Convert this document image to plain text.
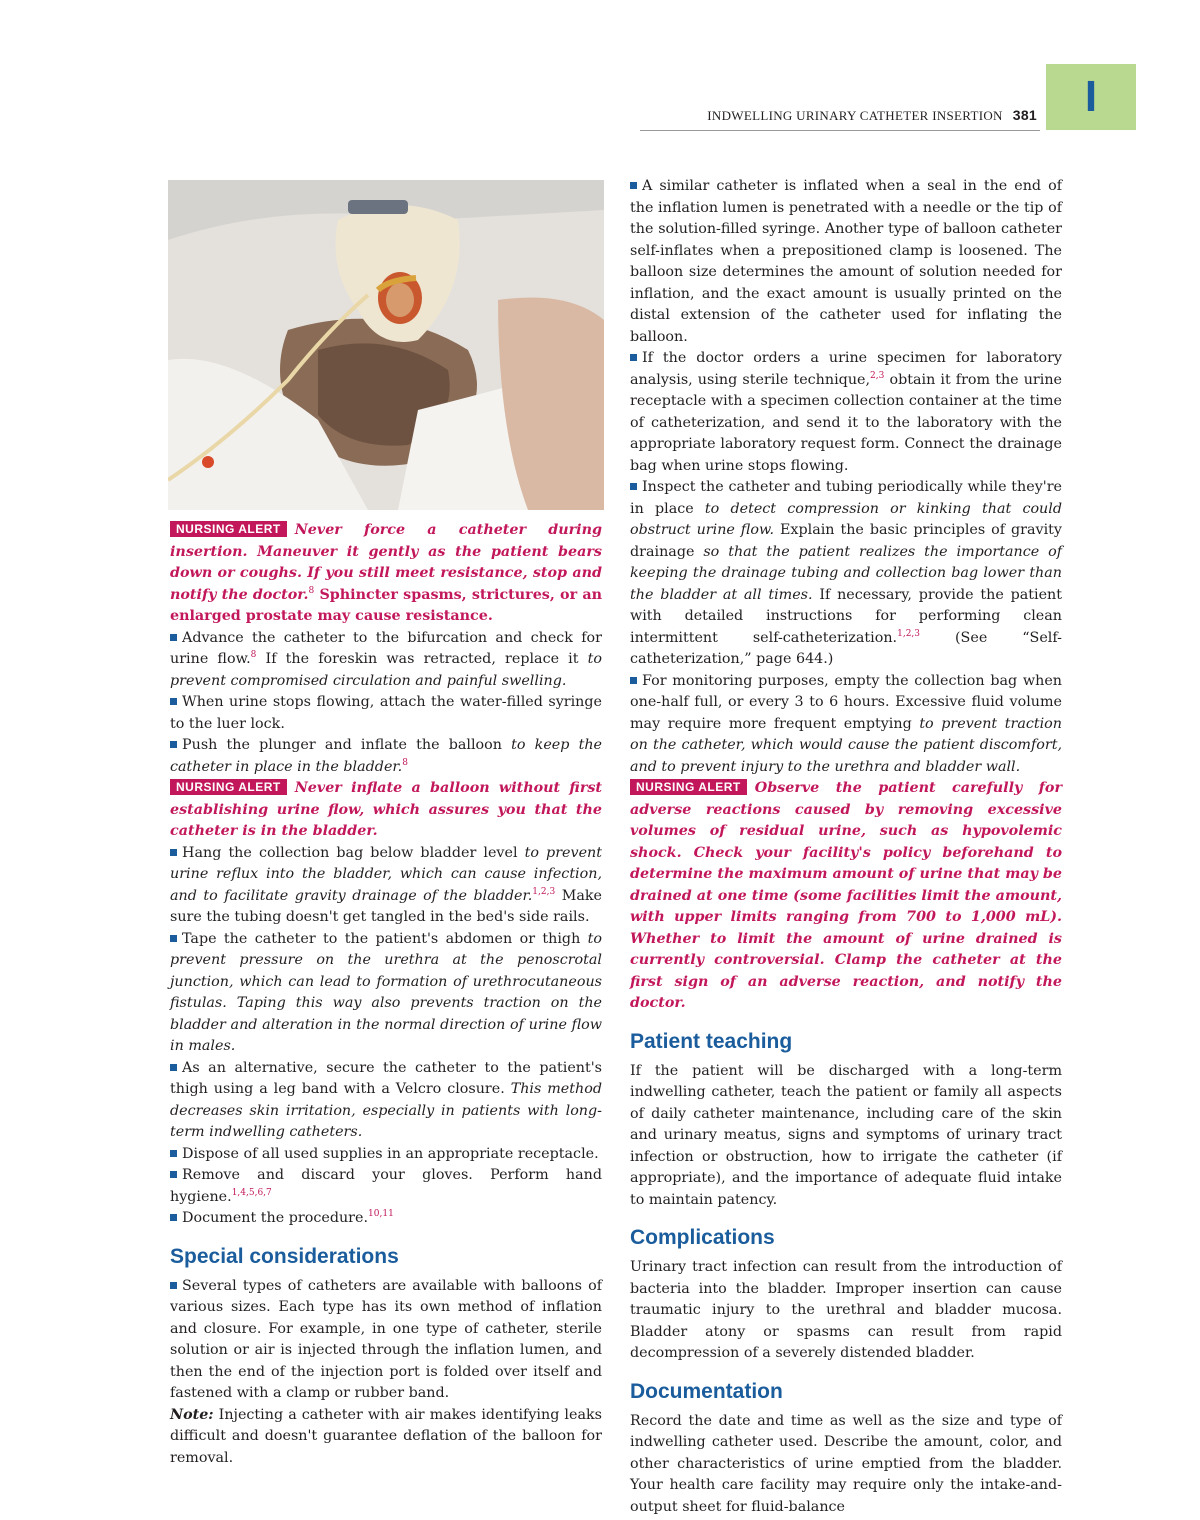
I
INDWELLING URINARY CATHETER INSERTION 381

NURSING ALERT Never force a catheter during insertion. Maneuver it gently as the patient bears down or coughs. If you still meet resistance, stop and notify the doctor.$^8$ Sphincter spasms, strictures, or an enlarged prostate may cause resistance.

Advance the catheter to the bifurcation and check for urine flow.$^8$ If the foreskin was retracted, replace it to prevent compromised circulation and painful swelling.

When urine stops flowing, attach the water-filled syringe to the luer lock.

Push the plunger and inflate the balloon to keep the catheter in place in the bladder.$^8$

NURSING ALERT Never inflate a balloon without first establishing urine flow, which assures you that the catheter is in the bladder.

Hang the collection bag below bladder level to prevent urine reflux into the bladder, which can cause infection, and to facilitate gravity drainage of the bladder.$^{1,2,3}$ Make sure the tubing doesn't get tangled in the bed's side rails.

Tape the catheter to the patient's abdomen or thigh to prevent pressure on the urethra at the penoscrotal junction, which can lead to formation of urethrocutaneous fistulas. Taping this way also prevents traction on the bladder and alteration in the normal direction of urine flow in males.

As an alternative, secure the catheter to the patient's thigh using a leg band with a Velcro closure. This method decreases skin irritation, especially in patients with long-term indwelling catheters.

Dispose of all used supplies in an appropriate receptacle.

Remove and discard your gloves. Perform hand hygiene.$^{1,4,5,6,7}$

Document the procedure.$^{10,11}$

Special considerations

Several types of catheters are available with balloons of various sizes. Each type has its own method of inflation and closure. For example, in one type of catheter, sterile solution or air is injected through the inflation lumen, and then the end of the injection port is folded over itself and fastened with a clamp or rubber band.

Note: Injecting a catheter with air makes identifying leaks difficult and doesn't guarantee deflation of the balloon for removal.

A similar catheter is inflated when a seal in the end of the inflation lumen is penetrated with a needle or the tip of the solution-filled syringe. Another type of balloon catheter self-inflates when a prepositioned clamp is loosened. The balloon size determines the amount of solution needed for inflation, and the exact amount is usually printed on the distal extension of the catheter used for inflating the balloon.

If the doctor orders a urine specimen for laboratory analysis, using sterile technique,$^{2,3}$ obtain it from the urine receptacle with a specimen collection container at the time of catheterization, and send it to the laboratory with the appropriate laboratory request form. Connect the drainage bag when urine stops flowing.

Inspect the catheter and tubing periodically while they're in place to detect compression or kinking that could obstruct urine flow. Explain the basic principles of gravity drainage so that the patient realizes the importance of keeping the drainage tubing and collection bag lower than the bladder at all times. If necessary, provide the patient with detailed instructions for performing clean intermittent self-catheterization.$^{1,2,3}$ (See “Self-catheterization,” page 644.)

For monitoring purposes, empty the collection bag when one-half full, or every 3 to 6 hours. Excessive fluid volume may require more frequent emptying to prevent traction on the catheter, which would cause the patient discomfort, and to prevent injury to the urethra and bladder wall.

NURSING ALERT Observe the patient carefully for adverse reactions caused by removing excessive volumes of residual urine, such as hypovolemic shock. Check your facility's policy beforehand to determine the maximum amount of urine that may be drained at one time (some facilities limit the amount, with upper limits ranging from 700 to 1,000 mL). Whether to limit the amount of urine drained is currently controversial. Clamp the catheter at the first sign of an adverse reaction, and notify the doctor.

Patient teaching

If the patient will be discharged with a long-term indwelling catheter, teach the patient or family all aspects of daily catheter maintenance, including care of the skin and urinary meatus, signs and symptoms of urinary tract infection or obstruction, how to irrigate the catheter (if appropriate), and the importance of adequate fluid intake to maintain patency.

Complications

Urinary tract infection can result from the introduction of bacteria into the bladder. Improper insertion can cause traumatic injury to the urethral and bladder mucosa. Bladder atony or spasms can result from rapid decompression of a severely distended bladder.

Documentation

Record the date and time as well as the size and type of indwelling catheter used. Describe the amount, color, and other characteristics of urine emptied from the bladder. Your health care facility may require only the intake-and-output sheet for fluid-balance
